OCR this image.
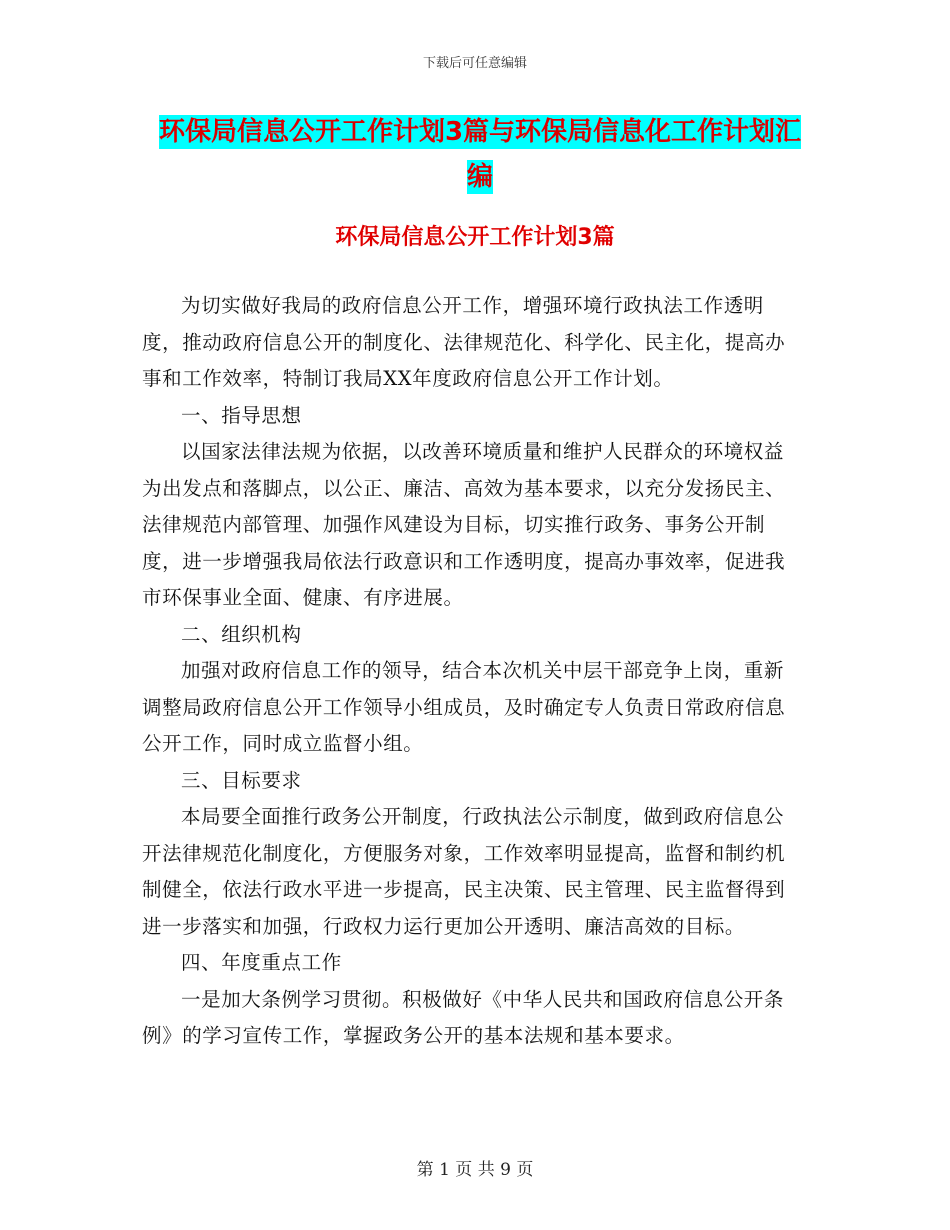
下载后可任意编辑
环保局信息公开工作计划3篇与环保局信息化工作计划汇编
环保局信息公开工作计划3篇

为切实做好我局的政府信息公开工作，增强环境行政执法工作透明度，推动政府信息公开的制度化、法律规范化、科学化、民主化，提高办事和工作效率，特制订我局XX年度政府信息公开工作计划。

一、指导思想

以国家法律法规为依据，以改善环境质量和维护人民群众的环境权益为出发点和落脚点，以公正、廉洁、高效为基本要求，以充分发扬民主、法律规范内部管理、加强作风建设为目标，切实推行政务、事务公开制度，进一步增强我局依法行政意识和工作透明度，提高办事效率，促进我市环保事业全面、健康、有序进展。

二、组织机构

加强对政府信息工作的领导，结合本次机关中层干部竞争上岗，重新调整局政府信息公开工作领导小组成员，及时确定专人负责日常政府信息公开工作，同时成立监督小组。

三、目标要求

本局要全面推行政务公开制度，行政执法公示制度，做到政府信息公开法律规范化制度化，方便服务对象，工作效率明显提高，监督和制约机制健全，依法行政水平进一步提高，民主决策、民主管理、民主监督得到进一步落实和加强，行政权力运行更加公开透明、廉洁高效的目标。

四、年度重点工作

一是加大条例学习贯彻。积极做好《中华人民共和国政府信息公开条例》的学习宣传工作，掌握政务公开的基本法规和基本要求。

第 1 页 共 9 页
